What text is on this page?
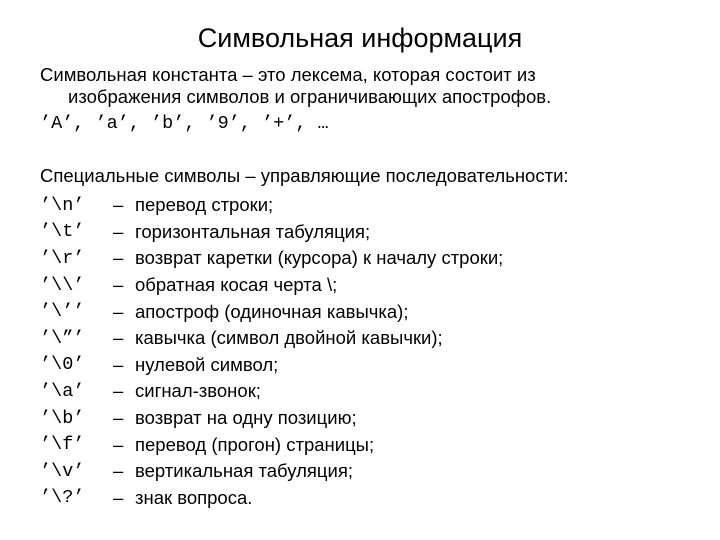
Символьная информация
Символьная константа – это лексема, которая состоит из
изображения символов и ограничивающих апострофов.
’A’, ’a’, ’b’, ’9’, ’+’, …
Специальные символы – управляющие последовательности:
’\n’	– перевод строки;
’\t’	– горизонтальная табуляция;
’\r’	– возврат каретки (курсора) к началу строки;
’\\’	– обратная косая черта \;
’\’’	– апостроф (одиночная кавычка);
’\”’	– кавычка (символ двойной кавычки);
’\0’	– нулевой символ;
’\a’	– сигнал-звонок;
’\b’	– возврат на одну позицию;
’\f’	– перевод (прогон) страницы;
’\v’	– вертикальная табуляция;
’\?’	– знак вопроса.
